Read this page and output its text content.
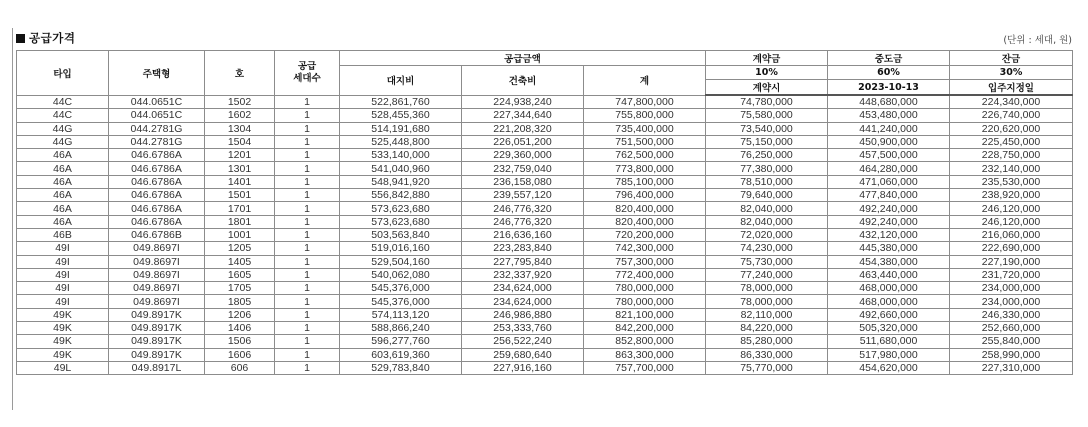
공급가격	(단위 : 세대, 원)
타입	주택형	호	공급
세대수	공급금액			계약금	중도금	잔금
				대지비	건축비	계	10%	60%	30%
							계약시	2023-10-13	입주지정일
44C	044.0651C	1502	1	522,861,760	224,938,240	747,800,000	74,780,000	448,680,000	224,340,000
44C	044.0651C	1602	1	528,455,360	227,344,640	755,800,000	75,580,000	453,480,000	226,740,000
44G	044.2781G	1304	1	514,191,680	221,208,320	735,400,000	73,540,000	441,240,000	220,620,000
44G	044.2781G	1504	1	525,448,800	226,051,200	751,500,000	75,150,000	450,900,000	225,450,000
46A	046.6786A	1201	1	533,140,000	229,360,000	762,500,000	76,250,000	457,500,000	228,750,000
46A	046.6786A	1301	1	541,040,960	232,759,040	773,800,000	77,380,000	464,280,000	232,140,000
46A	046.6786A	1401	1	548,941,920	236,158,080	785,100,000	78,510,000	471,060,000	235,530,000
46A	046.6786A	1501	1	556,842,880	239,557,120	796,400,000	79,640,000	477,840,000	238,920,000
46A	046.6786A	1701	1	573,623,680	246,776,320	820,400,000	82,040,000	492,240,000	246,120,000
46A	046.6786A	1801	1	573,623,680	246,776,320	820,400,000	82,040,000	492,240,000	246,120,000
46B	046.6786B	1001	1	503,563,840	216,636,160	720,200,000	72,020,000	432,120,000	216,060,000
49I	049.8697I	1205	1	519,016,160	223,283,840	742,300,000	74,230,000	445,380,000	222,690,000
49I	049.8697I	1405	1	529,504,160	227,795,840	757,300,000	75,730,000	454,380,000	227,190,000
49I	049.8697I	1605	1	540,062,080	232,337,920	772,400,000	77,240,000	463,440,000	231,720,000
49I	049.8697I	1705	1	545,376,000	234,624,000	780,000,000	78,000,000	468,000,000	234,000,000
49I	049.8697I	1805	1	545,376,000	234,624,000	780,000,000	78,000,000	468,000,000	234,000,000
49K	049.8917K	1206	1	574,113,120	246,986,880	821,100,000	82,110,000	492,660,000	246,330,000
49K	049.8917K	1406	1	588,866,240	253,333,760	842,200,000	84,220,000	505,320,000	252,660,000
49K	049.8917K	1506	1	596,277,760	256,522,240	852,800,000	85,280,000	511,680,000	255,840,000
49K	049.8917K	1606	1	603,619,360	259,680,640	863,300,000	86,330,000	517,980,000	258,990,000
49L	049.8917L	606	1	529,783,840	227,916,160	757,700,000	75,770,000	454,620,000	227,310,000
